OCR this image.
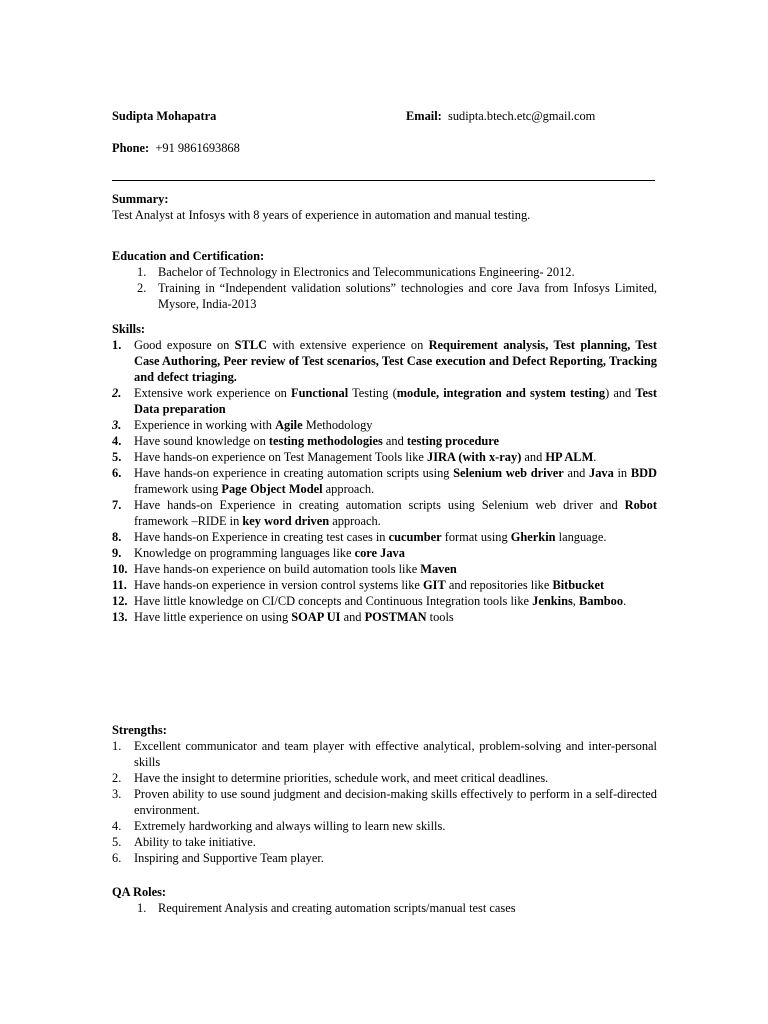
Sudipta Mohapatra	Email: sudipta.btech.etc@gmail.com
Phone: +91 9861693868
Summary:
Test Analyst at Infosys with 8 years of experience in automation and manual testing.
Education and Certification:
1. Bachelor of Technology in Electronics and Telecommunications Engineering- 2012.
2. Training in “Independent validation solutions” technologies and core Java from Infosys Limited, Mysore, India-2013
Skills:
1. Good exposure on STLC with extensive experience on Requirement analysis, Test planning, Test Case Authoring, Peer review of Test scenarios, Test Case execution and Defect Reporting, Tracking and defect triaging.
2. Extensive work experience on Functional Testing (module, integration and system testing) and Test Data preparation
3. Experience in working with Agile Methodology
4. Have sound knowledge on testing methodologies and testing procedure
5. Have hands-on experience on Test Management Tools like JIRA (with x-ray) and HP ALM.
6. Have hands-on experience in creating automation scripts using Selenium web driver and Java in BDD framework using Page Object Model approach.
7. Have hands-on Experience in creating automation scripts using Selenium web driver and Robot framework –RIDE in key word driven approach.
8. Have hands-on Experience in creating test cases in cucumber format using Gherkin language.
9. Knowledge on programming languages like core Java
10. Have hands-on experience on build automation tools like Maven
11. Have hands-on experience in version control systems like GIT and repositories like Bitbucket
12. Have little knowledge on CI/CD concepts and Continuous Integration tools like Jenkins, Bamboo.
13. Have little experience on using SOAP UI and POSTMAN tools
Strengths:
1. Excellent communicator and team player with effective analytical, problem-solving and inter-personal skills
2. Have the insight to determine priorities, schedule work, and meet critical deadlines.
3. Proven ability to use sound judgment and decision-making skills effectively to perform in a self-directed environment.
4. Extremely hardworking and always willing to learn new skills.
5. Ability to take initiative.
6. Inspiring and Supportive Team player.
QA Roles:
1. Requirement Analysis and creating automation scripts/manual test cases
